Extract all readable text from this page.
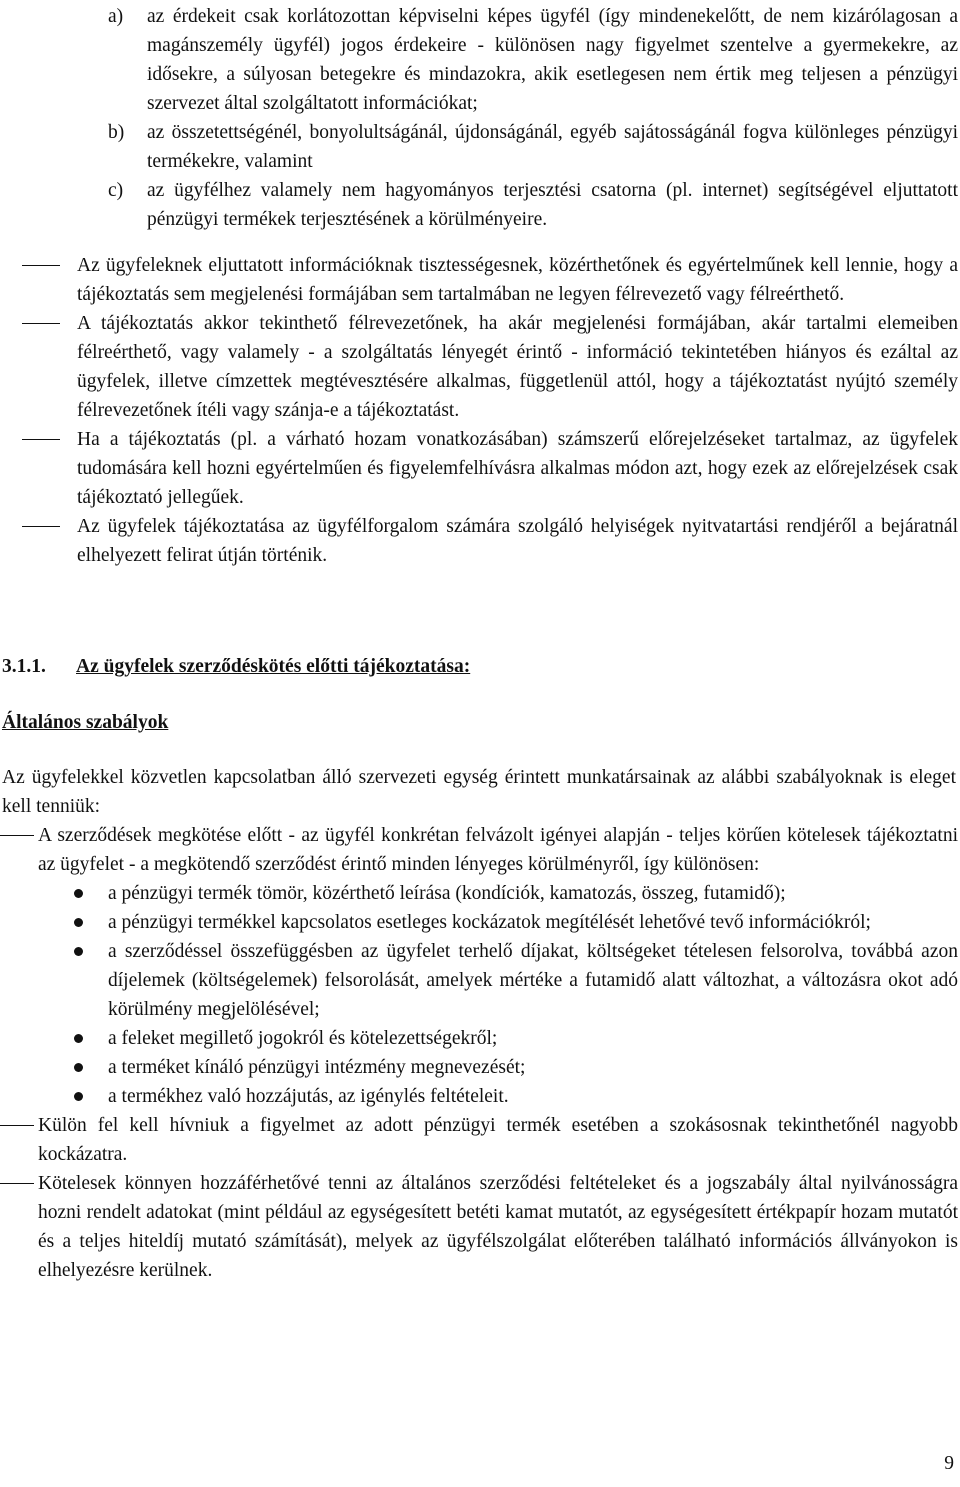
a) az érdekeit csak korlátozottan képviselni képes ügyfél (így mindenekelőtt, de nem kizárólagosan a magánszemély ügyfél) jogos érdekeire - különösen nagy figyelmet szentelve a gyermekekre, az idősekre, a súlyosan betegekre és mindazokra, akik esetlegesen nem értik meg teljesen a pénzügyi szervezet által szolgáltatott információkat;
b) az összetettségénél, bonyolultságánál, újdonságánál, egyéb sajátosságánál fogva különleges pénzügyi termékekre, valamint
c) az ügyfélhez valamely nem hagyományos terjesztési csatorna (pl. internet) segítségével eljuttatott pénzügyi termékek terjesztésének a körülményeire.
Az ügyfeleknek eljuttatott információknak tisztességesnek, közérthetőnek és egyértelműnek kell lennie, hogy a tájékoztatás sem megjelenési formájában sem tartalmában ne legyen félrevezető vagy félreérthető.
A tájékoztatás akkor tekinthető félrevezetőnek, ha akár megjelenési formájában, akár tartalmi elemeiben félreérthető, vagy valamely - a szolgáltatás lényegét érintő - információ tekintetében hiányos és ezáltal az ügyfelek, illetve címzettek megtévesztésére alkalmas, függetlenül attól, hogy a tájékoztatást nyújtó személy félrevezetőnek ítéli vagy szánja-e a tájékoztatást.
Ha a tájékoztatás (pl. a várható hozam vonatkozásában) számszerű előrejelzéseket tartalmaz, az ügyfelek tudomására kell hozni egyértelműen és figyelemfelhívásra alkalmas módon azt, hogy ezek az előrejelzések csak tájékoztató jellegűek.
Az ügyfelek tájékoztatása az ügyfélforgalom számára szolgáló helyiségek nyitvatartási rendjéről a bejáratnál elhelyezett felirat útján történik.
3.1.1. Az ügyfelek szerződéskötés előtti tájékoztatása:
Általános szabályok
Az ügyfelekkel közvetlen kapcsolatban álló szervezeti egység érintett munkatársainak az alábbi szabályoknak is eleget kell tenniük:
A szerződések megkötése előtt - az ügyfél konkrétan felvázolt igényei alapján - teljes körűen kötelesek tájékoztatni az ügyfelet - a megkötendő szerződést érintő minden lényeges körülményről, így különösen:
a pénzügyi termék tömör, közérthető leírása (kondíciók, kamatozás, összeg, futamidő);
a pénzügyi termékkel kapcsolatos esetleges kockázatok megítélését lehetővé tevő információkról;
a szerződéssel összefüggésben az ügyfelet terhelő díjakat, költségeket tételesen felsorolva, továbbá azon díjelemek (költségelemek) felsorolását, amelyek mértéke a futamidő alatt változhat, a változásra okot adó körülmény megjelölésével;
a feleket megillető jogokról és kötelezettségekről;
a terméket kínáló pénzügyi intézmény megnevezését;
a termékhez való hozzájutás, az igénylés feltételeit.
Külön fel kell hívniuk a figyelmet az adott pénzügyi termék esetében a szokásosnak tekinthetőnél nagyobb kockázatra.
Kötelesek könnyen hozzáférhetővé tenni az általános szerződési feltételeket és a jogszabály által nyilvánosságra hozni rendelt adatokat (mint például az egységesített betéti kamat mutatót, az egységesített értékpapír hozam mutatót és a teljes hiteldíj mutató számítását), melyek az ügyfélszolgálat előterében található információs állványokon is elhelyezésre kerülnek.
9
